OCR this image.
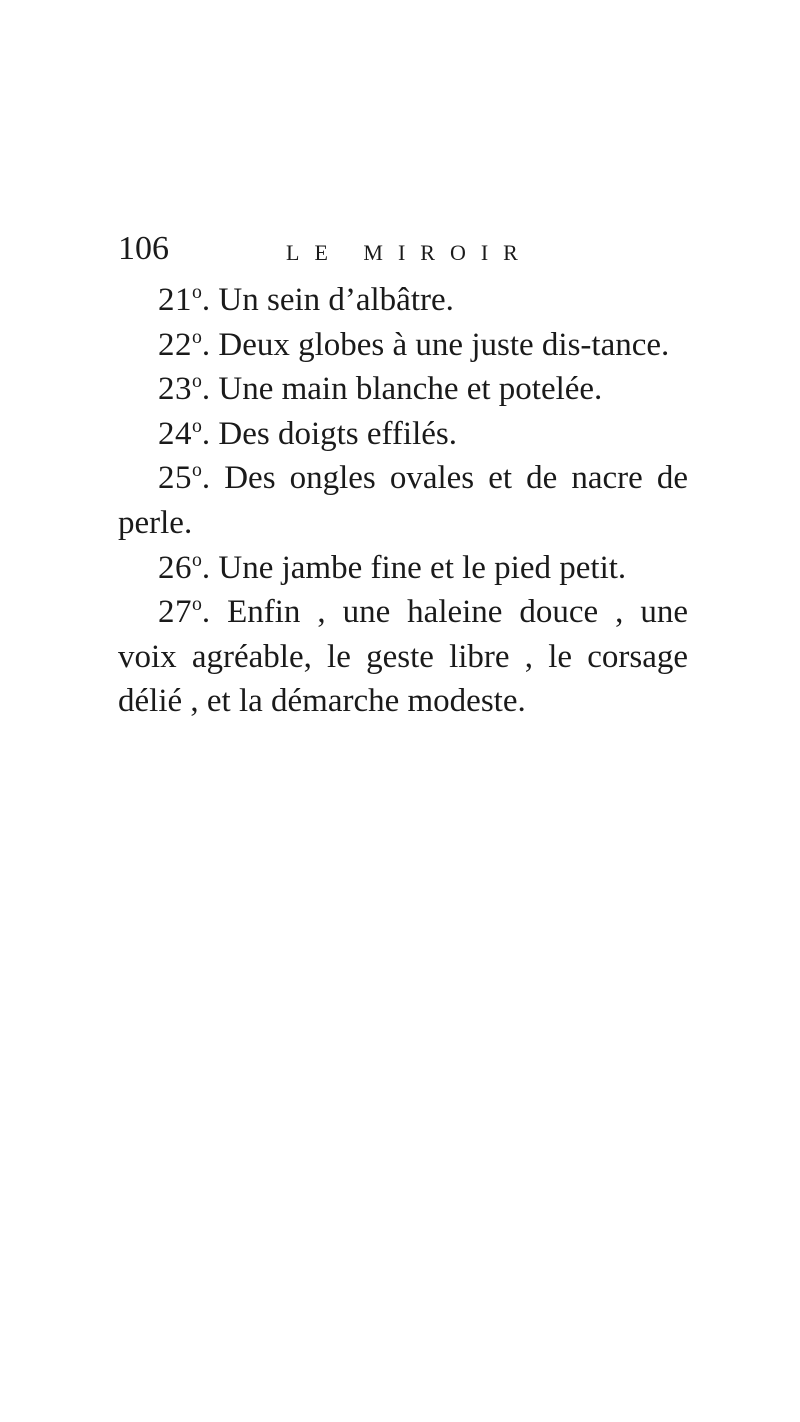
106	LE MIROIR

21$^o$. Un sein d’albâtre.

22$^o$. Deux globes à une juste dis-tance.

23$^o$. Une main blanche et potelée.

24$^o$. Des doigts effilés.

25$^o$. Des ongles ovales et de nacre de perle.

26$^o$. Une jambe fine et le pied petit.

27$^o$. Enfin , une haleine douce , une voix agréable, le geste libre , le corsage délié , et la démarche modeste.
